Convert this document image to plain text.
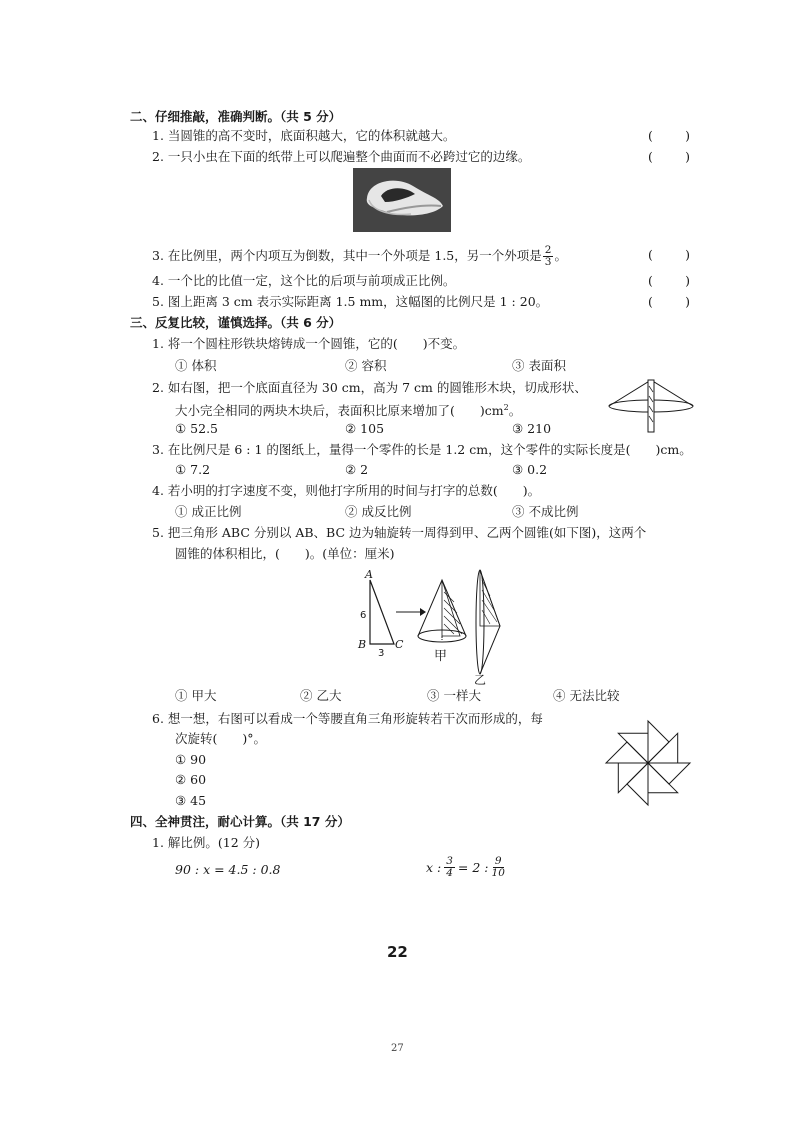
二、仔细推敲，准确判断。（共 5 分）
1. 当圆锥的高不变时，底面积越大，它的体积就越大。	(	)
2. 一只小虫在下面的纸带上可以爬遍整个曲面而不必跨过它的边缘。	(	)
3. 在比例里，两个内项互为倒数，其中一个外项是 1.5，另一个外项是 $\frac{2}{3}$ 。	(	)
4. 一个比的比值一定，这个比的后项与前项成正比例。	(	)
5. 图上距离 3 cm 表示实际距离 1.5 mm，这幅图的比例尺是 1 : 20。	(	)
三、反复比较，谨慎选择。（共 6 分）
1. 将一个圆柱形铁块熔铸成一个圆锥，它的(　　)不变。
① 体积	② 容积	③ 表面积
2. 如右图，把一个底面直径为 30 cm，高为 7 cm 的圆锥形木块，切成形状、
大小完全相同的两块木块后，表面积比原来增加了(　　)$cm^2$。
① 52.5	② 105	③ 210
3. 在比例尺是 6 : 1 的图纸上，量得一个零件的长是 1.2 cm，这个零件的实际长度是(　　)cm。
① 7.2	② 2	③ 0.2
4. 若小明的打字速度不变，则他打字所用的时间与打字的总数(　　)。
① 成正比例	② 成反比例	③ 不成比例
5. 把三角形 ABC 分别以 AB、BC 边为轴旋转一周得到甲、乙两个圆锥(如下图)，这两个
圆锥的体积相比，(　　)。(单位：厘米)
A
B	C
6
3	甲
乙
① 甲大	② 乙大	③ 一样大	④ 无法比较
6. 想一想，右图可以看成一个等腰直角三角形旋转若干次而形成的，每
次旋转(　　)°。
① 90
② 60
③ 45
四、全神贯注，耐心计算。（共 17 分）
1. 解比例。(12 分)
90 : x = 4.5 : 0.8	x : $\frac{3}{4} = 2$ : $\frac{9}{10}$
22
27
